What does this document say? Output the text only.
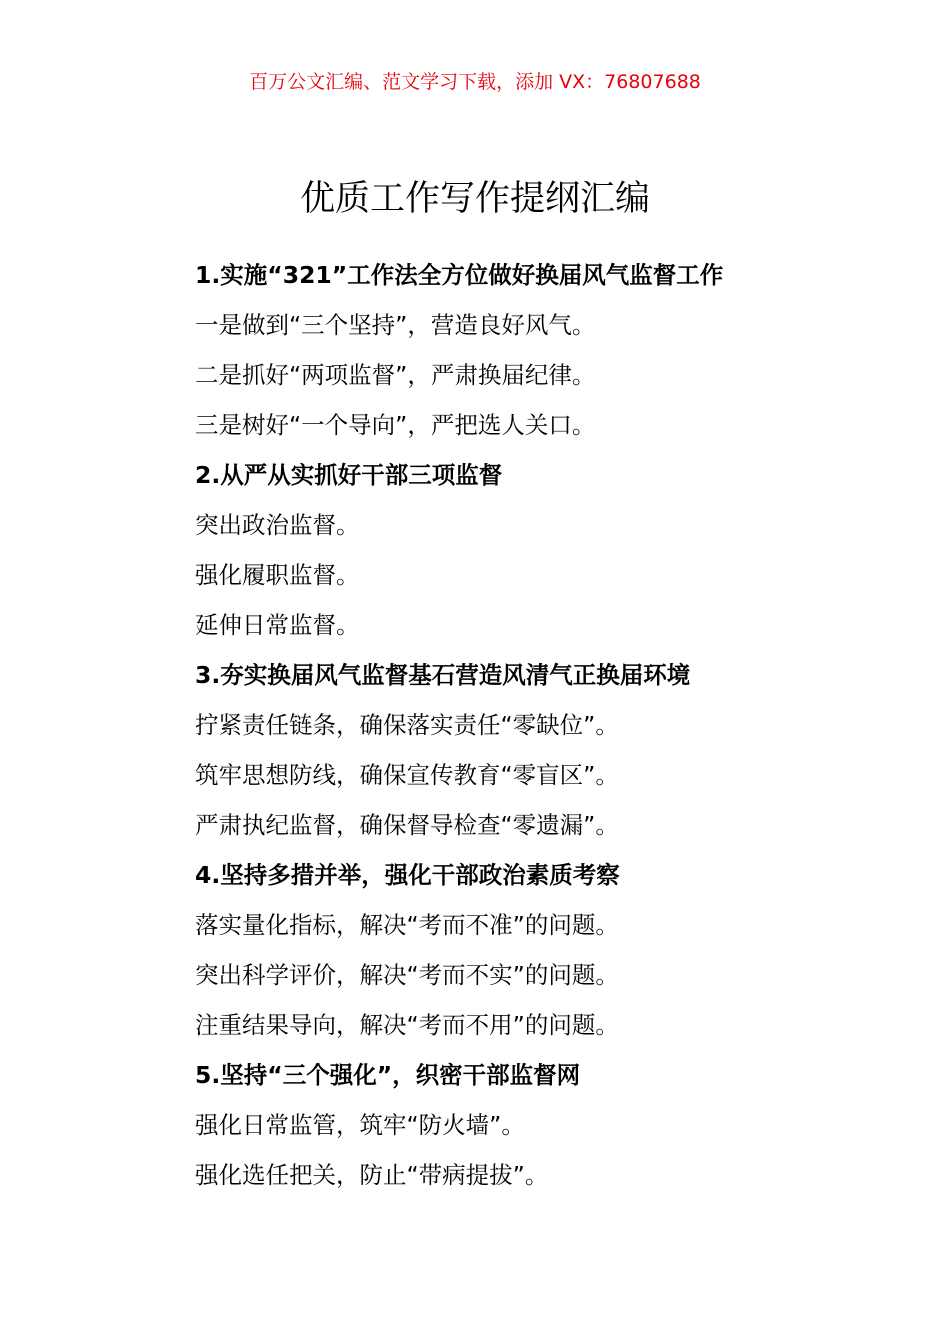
百万公文汇编、范文学习下载，添加 VX：76807688
优质工作写作提纲汇编
1.实施“321”工作法全方位做好换届风气监督工作
一是做到“三个坚持”，营造良好风气。
二是抓好“两项监督”，严肃换届纪律。
三是树好“一个导向”，严把选人关口。
2.从严从实抓好干部三项监督
突出政治监督。
强化履职监督。
延伸日常监督。
3.夯实换届风气监督基石营造风清气正换届环境
拧紧责任链条，确保落实责任“零缺位”。
筑牢思想防线，确保宣传教育“零盲区”。
严肃执纪监督，确保督导检查“零遗漏”。
4.坚持多措并举，强化干部政治素质考察
落实量化指标，解决“考而不准”的问题。
突出科学评价，解决“考而不实”的问题。
注重结果导向，解决“考而不用”的问题。
5.坚持“三个强化”，织密干部监督网
强化日常监管，筑牢“防火墙”。
强化选任把关，防止“带病提拔”。
